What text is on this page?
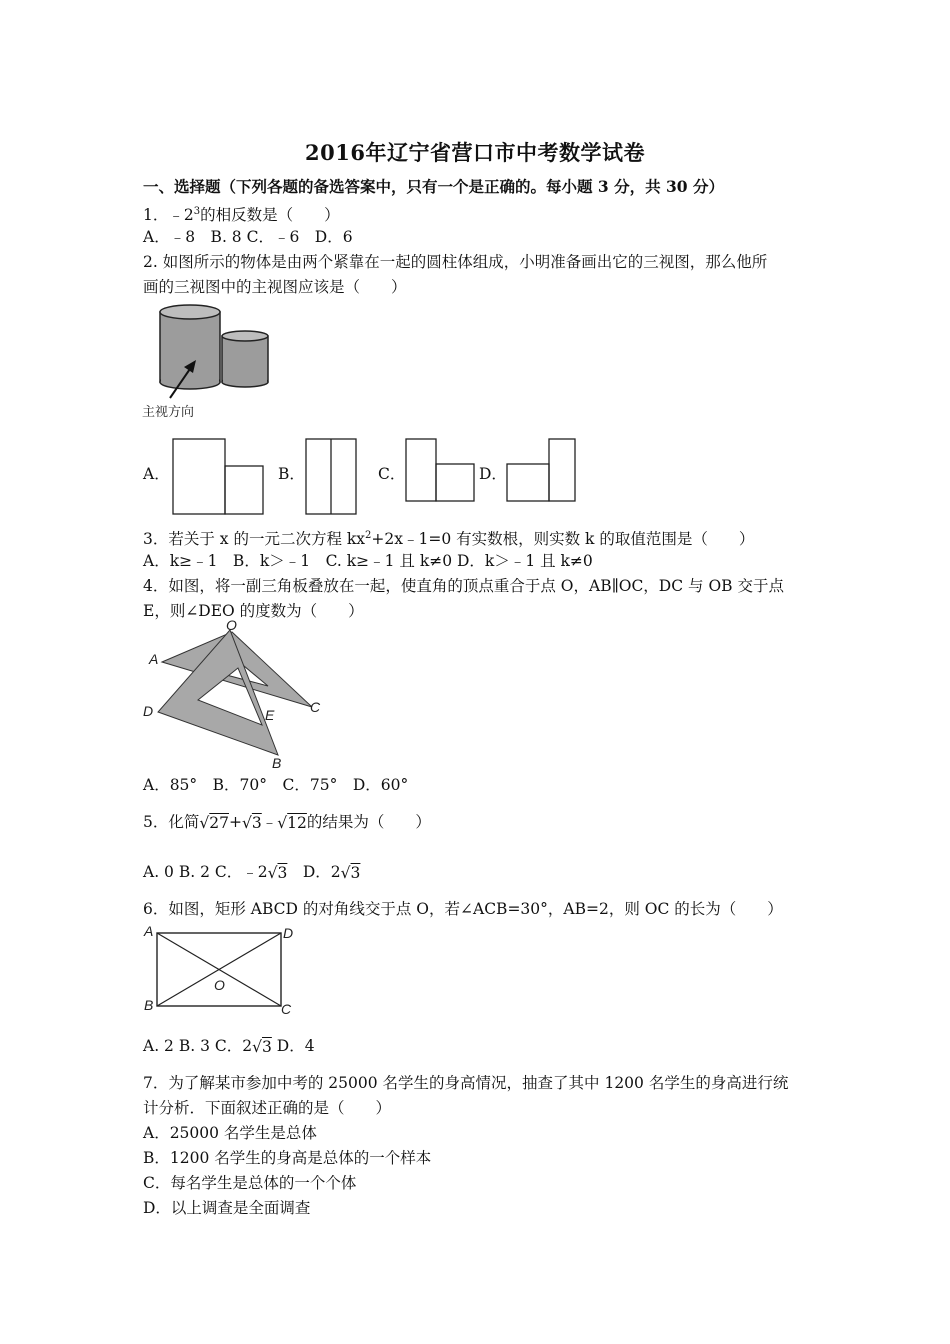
2016年辽宁省营口市中考数学试卷
一、选择题（下列各题的备选答案中，只有一个是正确的。每小题 3 分，共 30 分）
1．$﹣2^3$的相反数是（　　）
A．﹣8　B. 8 C．﹣6　D．6
2. 如图所示的物体是由两个紧靠在一起的圆柱体组成，小明准备画出它的三视图，那么他所
画的三视图中的主视图应该是（　　）
主视方向
A．	B．	C．	D．
3．若关于 x 的一元二次方程 $kx^2+2x﹣1=0$ 有实数根，则实数 k 的取值范围是（　　）
A．k≥﹣1　B．k＞﹣1　C. k≥﹣1 且 k≠0 D．k＞﹣1 且 k≠0
4．如图，将一副三角板叠放在一起，使直角的顶点重合于点 O，AB∥OC，DC 与 OB 交于点
E，则∠DEO 的度数为（　　）
O
A
D	E	C
B
A．85°　B．70°　C．75°　D．60°
5．化简√27+√3﹣√12的结果为（　　）
A. 0 B. 2 C．﹣2√3　D．2√3
6．如图，矩形 ABCD 的对角线交于点 O，若∠ACB=30°，AB=2，则 OC 的长为（　　）
A	D
O
B	C
A. 2 B. 3 C．2√3 D．4
7．为了解某市参加中考的 25000 名学生的身高情况，抽查了其中 1200 名学生的身高进行统
计分析．下面叙述正确的是（　　）
A．25000 名学生是总体
B．1200 名学生的身高是总体的一个样本
C．每名学生是总体的一个个体
D．以上调查是全面调查
